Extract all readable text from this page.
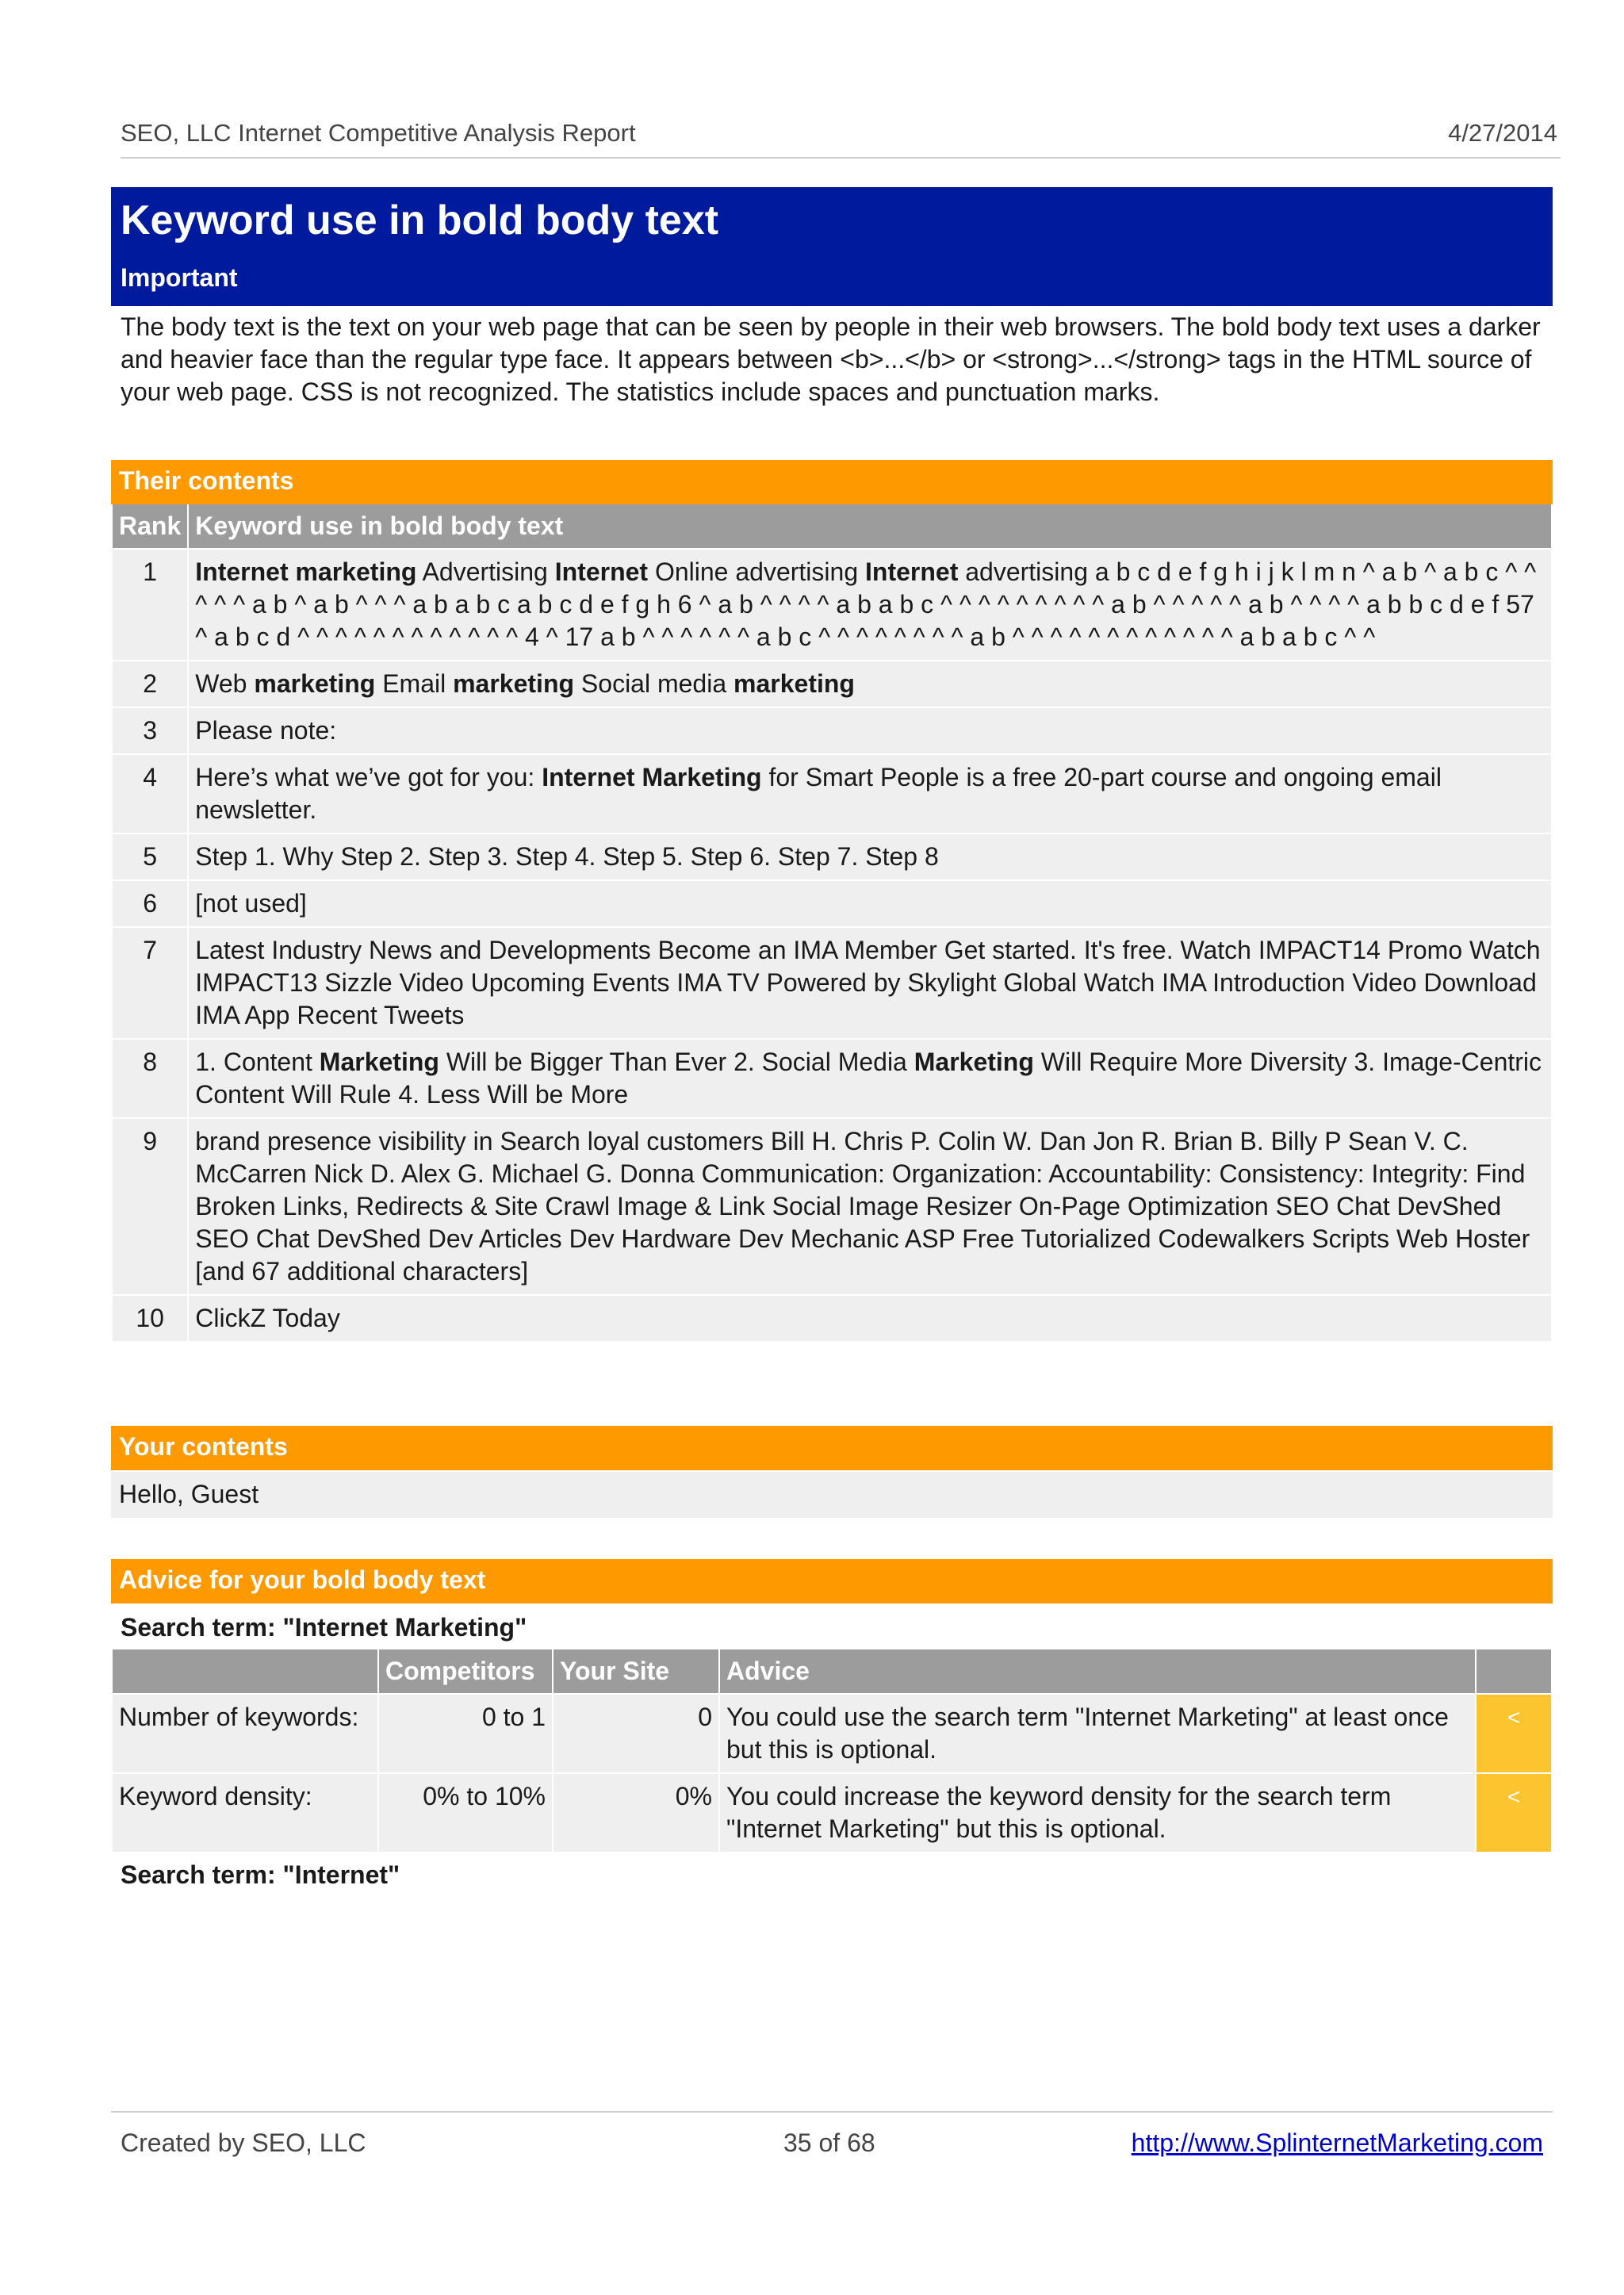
SEO, LLC Internet Competitive Analysis Report	4/27/2014
Keyword use in bold body text
Important
The body text is the text on your web page that can be seen by people in their web browsers. The bold body text uses a darker and heavier face than the regular type face. It appears between <b>...</b> or <strong>...</strong> tags in the HTML source of your web page. CSS is not recognized. The statistics include spaces and punctuation marks.
Their contents
Rank	Keyword use in bold body text
1	Internet marketing Advertising Internet Online advertising Internet advertising a b c d e f g h i j k l m n ^ a b ^ a b c ^ ^ ^ ^ ^ a b ^ a b ^ ^ ^ a b a b c a b c d e f g h 6 ^ a b ^ ^ ^ ^ a b a b c ^ ^ ^ ^ ^ ^ ^ ^ ^ a b ^ ^ ^ ^ ^ a b ^ ^ ^ ^ a b b c d e f 57 ^ a b c d ^ ^ ^ ^ ^ ^ ^ ^ ^ ^ ^ ^ 4 ^ 17 a b ^ ^ ^ ^ ^ ^ a b c ^ ^ ^ ^ ^ ^ ^ ^ a b ^ ^ ^ ^ ^ ^ ^ ^ ^ ^ ^ ^ a b a b c ^ ^
2	Web marketing Email marketing Social media marketing
3	Please note:
4	Here’s what we’ve got for you: Internet Marketing for Smart People is a free 20-part course and ongoing email newsletter.
5	Step 1. Why Step 2. Step 3. Step 4. Step 5. Step 6. Step 7. Step 8
6	[not used]
7	Latest Industry News and Developments Become an IMA Member Get started. It's free. Watch IMPACT14 Promo Watch IMPACT13 Sizzle Video Upcoming Events IMA TV Powered by Skylight Global Watch IMA Introduction Video Download IMA App Recent Tweets
8	1. Content Marketing Will be Bigger Than Ever 2. Social Media Marketing Will Require More Diversity 3. Image-Centric Content Will Rule 4. Less Will be More
9	brand presence visibility in Search loyal customers Bill H. Chris P. Colin W. Dan Jon R. Brian B. Billy P Sean V. C. McCarren Nick D. Alex G. Michael G. Donna Communication: Organization: Accountability: Consistency: Integrity: Find Broken Links, Redirects & Site Crawl Image & Link Social Image Resizer On-Page Optimization SEO Chat DevShed SEO Chat DevShed Dev Articles Dev Hardware Dev Mechanic ASP Free Tutorialized Codewalkers Scripts Web Hoster [and 67 additional characters]
10	ClickZ Today
Your contents
Hello, Guest
Advice for your bold body text
Search term: "Internet Marketing"
	Competitors	Your Site	Advice	
Number of keywords:	0 to 1	0	You could use the search term "Internet Marketing" at least once but this is optional.	<
Keyword density:	0% to 10%	0%	You could increase the keyword density for the search term "Internet Marketing" but this is optional.	<
Search term: "Internet"
Created by SEO, LLC	35 of 68	http://www.SplinternetMarketing.com
